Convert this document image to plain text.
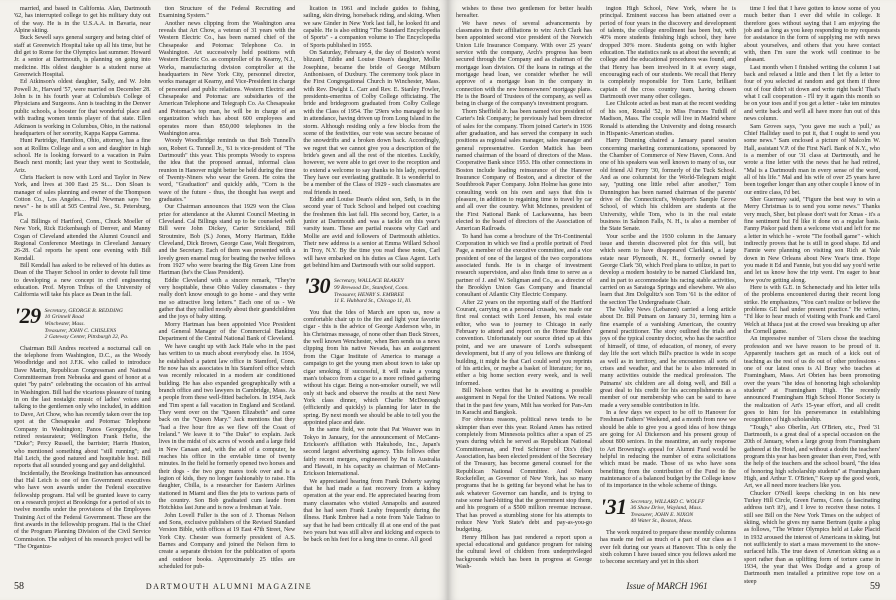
married, and based in California. Alan, Dartmouth '62, has interrupted college to get his military duty out of the way. He is in the U.S.A.A. in Bavaria, near Alpine skiing.

Buck Sewell says general surgery and being chief of staff at Greenwich Hospital take up all his time, but he did get to Rome for the Olympics last summer. Howard Jr. a senior at Dartmouth, is planning on going into medicine. His oldest daughter is a student nurse at Greenwich Hospital.

Ed Atkinson's oldest daughter, Sally, and W. John Powell Jr., Harvard '57, were married on December 28. John is in his fourth year at Columbia's College of Physicians and Surgeons. Ann is teaching in the Denver public schools, a booster for that wonderful place and with trading women tennis player of that state. Ellen Atkinson is working in Columbus, Ohio, in the national headquarters of her sorority, Kappa Kappa Gamma.

Hunt Partridge, Hamilton, Ohio, attorney, has a fine son at Rollins College and a son and daughter in high school. He is looking forward to a vacation in Palm Beach next month; last year they went to Scottsdale, Ariz.

Chris Hackert is now with Lord and Taylor in New York, and lives at 300 East 25 St.... Don Sloan is manager of sales planning and owner of the Thompson Cotton Co., Los Angeles.... Phil Newman says "no news" - he is still at 505 Central Ave., St. Petersburg, Fla.

Cal Billings of Hartford, Conn., Chuck Moeller of New York, Rick Eickenbaugh of Denver, and Manny Cogan of Cleveland attended the Alumni Council and Regional Conference Meetings in Cleveland January 26-28. Cal reports he spent one evening with Bill Kendall.

Bill Kendall has asked to be relieved of his duties as Dean of the Thayer School in order to devote full time to developing a new concept in civil engineering education. Prof. Myron Tribus of the University of California will take his place as Dean in the fall.

'29 Secretary, GEORGE B. REDDING
10 Grinnell Road
Winchester, Mass.
Treasurer, JOHN C. CHISLENS
2 Gateway Center, Pittsburgh 22, Pa.

Chairman Bill Andres received a nocturnal call on the telephone from Washington, D.C., as the Woody Woodbridge and not J.F.K. who called to introduce Dave Martin, Republican Congressman and National Committeeman from Nebraska and guest of honor at a quiet "by pairs" celebrating the occasion of his arrival in Washington. Bill had the vicarious pleasure of tuning in on the last nostalgic music of ladies' voices and talking to the gentlemen only who included, in addition to Dave, Art Chow, who has recently taken over the top spot at the Chesapeake and Potomac Telephone Company in Washington; Panos Georgopulos, the retired restaurateur; Wellington Frank Hefte, the "Duke"; Percy Russell, the barrister; Harris Huston, who mentioned something about "still running"; and Hal Leich, the good natured and hospitable host. Bill reports that all sounded young and gay and delightful.

Incidentally, the Brookings Institution has announced that Hal Leich is one of ten Government executives who have won awards under the Federal executive fellowship program. Hal will be granted leave to carry on a research project at Brookings for a period of six to twelve months under the provisions of the Employees Training Act of the Federal Government. These are the first awards in the fellowship program. Hal is the Chief of the Program Planning Division of the Civil Service Commission. The subject of his research project will be "The Organiza-

tion Structure of the Federal Recruiting and Examining System."

Another news clipping from the Washington area reveals that Art Chow, a veteran of 31 years with the Western Electric Co., has been named chief of the Chesapeake and Potomac Telephone Co. in Washington. Art successively held positions with Western Electric Co. as comptroller of its Kearny, N.J., Works, manufacturing division comptroller at the headquarters in New York City, personnel director, works manager at Kearny, and Vice-President in charge of personnel and public relations. Western Electric and Chesapeake and Potomac are subsidiaries of the American Telephone and Telegraph Co. As Chesapeake and Potomac's top man, he will be in charge of an organization which has about 600 employees and operates more than 850,000 telephones in the Washington area.

Woody Woodbridge reminds us that Bob Tunnell's son, Robert G. Tunnell Jr., '61 is vice-president of "The Dartmouth" this year. This prompts Woody to express the idea that the proposed annual, informal class reunion in Hanover might better be held during the time of Twenty-Niners who wear the Green. He coins the word, "Graduation" and quickly adds, "Corn is the wave of the future - thus, the thought has swept and graduates."

Our Chairman announces that 1929 won the Class prize for attendance at the Alumni Council Meeting in Cleveland. Cal Billings stand up to be counseled with Bill were John Dickey, Carter Strickland, Bill Stroutmire, Bob (S.) Jones, Morry Hartman, Eddie Cleveland, Dick Brown, George Case, Walt Bregstrom, and the Secretary. Each of them was presented with a lovely green enamel mug for beating the twelve fellows from 1927 who were bearing the Big Green Line from Hartman (he's the Class President).

Eddie Cleveland with a sincere remark, "They're very hospitable, these Ohio Valley classmates - they really don't know enough to go home - and they write me so attractive long letters." Each one of us - We gather that they rallied mostly about their grandchildren and the joys of baby sitting.

Morry Hartman has been appointed Vice President and General Manager of the Commercial Banking Department of the Central National Bank of Cleveland.

We have caught up with Jack Hale who in the past has written to us much about everybody else. In 1934, he established a patent law office in Stamford, Conn. He now has six associates in his Stamford office which was recently relocated in a modern air conditioned building. He has also expanded geographically with a branch office and two lawyers in Cambridge, Mass. As a people from these well-fitted bachelors. In 1954, Jack and Tim spent a fall vacation in England and Scotland. They went over on the "Queen Elizabeth" and came back on the "Queen Mary." Jack mentions that they "had a five hour fire as we flew off the Coast of Ireland." We leave it to "the Duke" to explain. Jack lives in the midst of six acres of woods and a large field in New Canaan and, with the aid of a computer, he reaches his office in the enviable time of twenty minutes. In the field he formerly opened two horses and their dogs - the two gray mares took over and is a legion of kids, they no longer fashionably to raise. His daughter, Cbilla, is a researcher for Eastern Airlines stationed in Miami and flies the jets to various parts of the country. Son Bob graduated cum laude from Hotchkiss last June and is now a freshman at Yale.

John Lovell Fuller is the son of J. Thomas Nelson and Sons, exclusive publishers of the Revised Standard Version Bible, with offices at 19 East 47th Street, New York City. Chester was formerly president of A.S. Barnes and Company and joined the Nelson firm to create a separate division for the publication of sports and outdoor books. Approximately 25 titles are scheduled for pub-

lication in 1961 and include guides to fishing, sailing, skin diving, horseback riding, and skiing. When we saw Ginder in New York last fall, he looked fit and capable. He is also editing "The Standard Encyclopedia of Sports" - a companion volume to The Encyclopedia of Sports published in 1955.

On Saturday, February 4, the day of Boston's worst blizzard, Eddie and Louise Dean's daughter, Mollie Josephine, became the bride of George Milburn Anthonissen, of Duxbury. The ceremony took place in the First Congregational Church in Winchester, Mass. with Rev. Dwight L. Carr and Rev. E. Stanley Fowler, presidents-emeritus of Colby College officiating. The bride and bridegroom graduated from Colby College with the Class of 1954. The '29ers who managed to be in attendance, having driven up from Long Island in the storm. Although residing only a few blocks from the scene of the festivities, our vote was secure because of the snowdrifts and a broken down back. Accordingly, we regret that we cannot give you a description of the bride's gown and all the rest of the niceties. Luckily, however, we were able to get over to the reception and to extend a welcome to say thanks to his lady, reported. They have our everlasting gratitude. It is wonderful to be a member of the Class of 1929 - such classmates are real friends in need.

Eddie and Louise Dean's oldest son, Seth, is in the second year of Tuck School and helped out coaching the freshmen this last fall. His second boy, Carter, is a junior at Dartmouth and was a tackle on this year's varsity team. These are partial reasons why Carl and Mollie are avid and followers of Dartmouth athletics. Their new address is a senior at Emma Willard School in Troy, N.Y. By the time you read these notes, Carl will have embarked on his duties as Class Agent. Let's get behind him and Dartmouth with our solid support.

'30 Secretary, WALLACE BLAKEY
99 Brewood Dr., Stamford, Conn.
Treasurer, HENRY S. EMBREE
11 E. Hubbard St., Chicago 11, Ill.

You that the Ides of March are upon us, now a comfortable chair up to the fire and light your favorite cigar - this is the advice of George Anderson who, in his Christmas message, of none other than Buck Streex, the well known Wenchester, when Ben sends us a news clipping from his native Nevada, has an assignment from the Cigar Institute of America to manage a campaign to get the young men about town to take up cigar smoking. If successful, it will make a young man's tobacco from a cigar to a more refined gathering without his cigar. Being a non-smoker ourself, we will only sit back and observe the results at the next New York class dinner, which Charlie McDonough (efficiently and quickly) is planning for later in the spring. By next month we should be able to tell you the appointed place and date.

In the same field, we note that Pat Weaver was in Tokyo in January, for the announcement of McCann-Erickson's affiliation with Hakuhodo, Inc., Japan's second largest advertising agency. This follows other fairly recent mergers, engineered by Pat in Australia and Hawaii, in his capacity as chairman of McCann-Erickson International.

We appreciated hearing from Frank Doherty saying that he had made a fast recovery from a kidney operation at the year end. He appreciated hearing from many classmates who visited Annapolis and assured that he had seen Frank Leahy frequently during the illness. Hank Embree had a note from Yale Tadrao to say that he had been critically ill at one end of the past two years but was still alive and kicking and expects to be back on his feet for a long time to come. All good

58	DARTMOUTH ALUMNI MAGAZINE

wishes to these two gentlemen for better health hereafter.

We have news of several advancements by classmates in their affiliations to win: Arch Clark has been appointed second vice president of the Norwich Union Life Insurance Company. With over 25 years' service with the company, Arch's progress has been secured through the Company and as chairman of the mortgage loan division. Of the loans in ratings at the mortgage head loan, we consider whether he will approve of a mortgage loan in the company in connection with the new homeowners' mortgage plans. He is the Board of Trustees of the company, as well as being in charge of the company's investment program.

Thorn Sheffield Jr. has been named vice president of Carter's Ink Company; he previously had been director of sales for the company. Thorn joined Carter's in 1936 after graduation, and has served the company in such positions as regional sales manager, sales manager and general representative. Gordon Mattick has been named chairman of the board of directors of the Mass. Cooperative Bank since 1953. His other connections in Boston include leading reinsurance of the Hanover Insurance Company of Boston, and a director of the Southbrook Paper Company. John Holme has gone into consulting work on his own and says that this is pleasure, in addition to regaining time to travel by car and all over the country. Whit McInnes, president of the First National Bank of Lackawanna, has been elected to the board of directors of the Association of American Railroads.

To hand has come a brochure of the Tri-Continental Corporation in which we find a profile portrait of Fred Page, a member of the executive committee, and a vice president of one of the largest of the two corporations associated funds. He is in charge of investment research supervision, and also finds time to serve as a partner of J. and W. Seligman and Co., as a director of the Brooklyn Union Gas Company and financial consultant of Atlantic City Electric Company.

After 22 years on the reporting staff of the Hartford Courant, carrying on a personal crusade, we made our first real contact with Lord Jensen, his real estate editor, who was to journey to Chicago in early February to attend and report on the Home Builders' convention. Unfortunately our source dried up at this point, and we are unaware of Lord's subsequent development, but if any of you fellows are thinking of building, it might be that Carl could send you reprints of his articles, or maybe a basket of literature; for no, either a big home section every week, and is well informed.

Bill Nelson writes that he is awaiting a possible assignment in Nepal for the United Nations. We recall that in the past few years, Milt has worked for Pan-Am in Karachi and Bangkok.

For obvious reasons, political news tends to be skimpier than ever this year. Roland Ames has retired completely from Minnesota politics after a span of 25 years during which he served as Republican National Committeeman, and Fred Schirmer of Dix's (the) Association, has been elected president of the Secretary of the Treasury, has become general counsel for the Republican National Committee. And Nelson Rockefeller, as Governor of New York, has so many programs that he is getting far beyond what he has to ask whatever Governor can handle, and is trying to raise some hard-hitting that the government stop them, and his program of a $500 million revenue increase. That has proved a stumbling stone for his attempts to reduce New York State's debt and pay-as-you-go budgeting.

Henry Hillson has just rendered a report upon a special educational and guidance program for raising the cultural level of children from underprivileged backgrounds which has been in progress at George Wash-

ington High School, New York, where he is principal. Eminent success has been attained over a period of four years in the discovery and development of talents, the college enrollment has been but, with 40% more students finishing high school, they have dropped 30% more. Students going on with higher education. The statistics rank us at about the seventh; at college and the educational procedures was found, and that Henry has been involved in it at every stage, encouraging each of our students. We recall that Henry is completely responsible for Tom Lurie, brilliant captain of the cross country team, having chosen Dartmouth over many other colleges.

Lee Chilcote acted as best man at the recent wedding of his son, Ronald '52, to Miss Frances Tuthill of Madison, Mass. The couple will live in Madrid where Ronald is attending the University and doing research in Hispanic-American studies.

Harry Dunning chaired a January panel session concerning marketing communications, sponsored by the Chamber of Commerce of New Haven, Conn. And one of his speakers was well known to many of us, our old friend Al Ferry '30, formerly of the Tuck School. And as one columnist for the World-Telegram might say, "putting one little rebel after another," Tom Dunnington has been named chairman of the parents' drive of the Connecticut's, Westport's Sample Grove School, of which his children are students at the University, while Tom, who is in the real estate business in Salmon Falls, N. H., is also a member of the State Senate.

Your scribe and the 1930 column in the January issue and therein discovered plot for this will, but which seem to have disappeared Clarkland, a large estate near Plymouth, N. H., formerly owned by George Clark '30, which Fred plans to utilize, in part to develop a modern hostelry to be named Clarkland Inn, and in part to accommodate his racing stable activities, carried on as Saratoga Springs and elsewhere. We also learn that Jim Dolgulitz's son Tom '61 is the editor of the section The Undergraduate Chair.

The Valley News (Lebanon) carried a long article about Dr. Bill Putnam on January 31, terming him a fine example of a vanishing American, the country general practitioner. The story outlined the trials and joys of the typical country doctor, who has the sacrifice of himself, of time, of education, of money, of every day life the sort which Bill's practice is wide in scope as well as in territory, and he encounters all sorts of crises and weather, and that he is also interested in many activities outside the medical profession. The Putnams' six children are all doing well, and Bill a great deal to his credit for his accomplishments as a member of our membership who can be said to have made a very sensible contribution in life.

In a few days we expect to be off to Hanover for Freshman Fathers' Weekend, and a month from now we should be able to give you a good idea of how things are going for Al Dickerson and his present group of about 800 seniors. In the meantime, an early response to Art Browning's appeal for Alumni Fund would be helpful in reducing the number of extra solicitations which must be made. Those of us who have sons benefiting from the contribution of the Fund to the maintenance of a balanced budget by the College know of its importance in the whole scheme of things.

'31 Secretary, WILLARD C. WOLFF
36 Shaw Drive, Wayland, Mass.
Treasurer, JOHN E. NIXON
40 Water St., Boston, Mass.

The work required to prepare these monthly columns has made me feel as much of a part of our class as I ever felt during our years at Hanover. This is only the sixth column I have issued since you fellows asked me to become secretary and yet in this short

time I feel that I have gotten to know some of you much better than I ever did while in college. It therefore goes without saying that I am enjoying the job and as long as you keep responding to my requests for assistance in the form of supplying me with news about yourselves, and others that you have contact with, then I'm sure the work will continue to be pleasant.

Last month when I finished writing the column I sat back and relaxed a little and then I let fly a letter to four of you selected at random and got them if three out of four didn't sit down and write right back! That's what I call cooperation - I'll try it again this month so be on your toes and if you get a letter - take ten minutes and write back and we'll all have more fun out of this news column.

Sam Groves says, "you gave me such a 'pull,' as Chief Halliday used to put it, that I ought to send you some news." Sam enclosed a picture of Malcolm W. Hall, assistant V.P. of the First Nat'l. Bank of N.Y., who is a member of our '31 class at Dartmouth, and he wrote a fine letter with the news that he had retired, "Mal is a Dartmouth man in every sense of the word, all of his life." Mal and his wife of over 25 years have been together longer than any other couple I know of in our entire class, I'd bet.

Sher Guernsey said, "Figure the best way to win a Merry Christmas is to send you some news." Thanks very much, Sher, but please don't wait for Xmas - it's a fine sentiment but I'd like it done on a regular basis. Fanny Piskor paid them a welcome visit and left for me a letter in which he - wrote "Tie football game" - which indirectly proves that he is still in good shape. Ed and Fannie were planning on visiting son Rich at Yale down in New Orleans about New Year's time. Hope you made it Ed and Fannie, but you did say you'd write and let us know how the trip went. I'm eager to hear how you're getting along.

Here is with G.E. in Schenectady and his letter tells of the problems encountered during their recent long strike. He emphasizes, "You can't realize or believe the problems GE had under present practice." He writes, "I'd like to hear much of visiting with Frank and Carol Welch at Ithaca just at the crowd was breaking up after the Cornell game.

An impressive number of '31ers chose the teaching profession and we have reason to be proud of it. Apparently teachers get as much of a kick out of teaching as the rest of us do out of other professions - one of our latest ones is Al Bray who teaches at Framingham, Mass. Art Obrien has been promoting over the years "the idea of honoring high scholarship students" at Framingham High. The recently announced Framingham High School Honor Society is the realization of Art's 15-year effort, and all credit goes to him for his perseverance in establishing recognition of high scholarship.

"Tough," also Oberlin, Art O'Brien, etc., Fred '31 Dartmouth, is a great deal of a special occasion on the 20th of January, when a large group from Framingham gathered at the Hotel, and without a doubt the teachers' program this year has been greater than ever, Fred, with the help of the teachers and the school board, "the idea of honoring high scholarship students" at Framingham High, and Arthur T. O'Brien," Keep up the good work, Art, we all need more teachers like you.

Chucker O'Neill keeps checking in on his new Turkey Hill Circle, Green Farms, Conn. (a fascinating address isn't it?), and I love to receive these notes. I still see Bill on the New York Times on the subject of skiing, which he gives my name Bertram (quite a plug as follows, "The Winter Olympics held at Lake Placid in 1932 aroused the interest of Americans in skiing, but not sufficiently to start a mass movement to the snow-surfaced hills. The true dawn of American skiing as a sport rather than as uplifting form of torture came in 1934, the year that Wes Dodge and a group of Dartmouth men installed a primitive rope tow on a steep

Issue of MARCH 1961	59
